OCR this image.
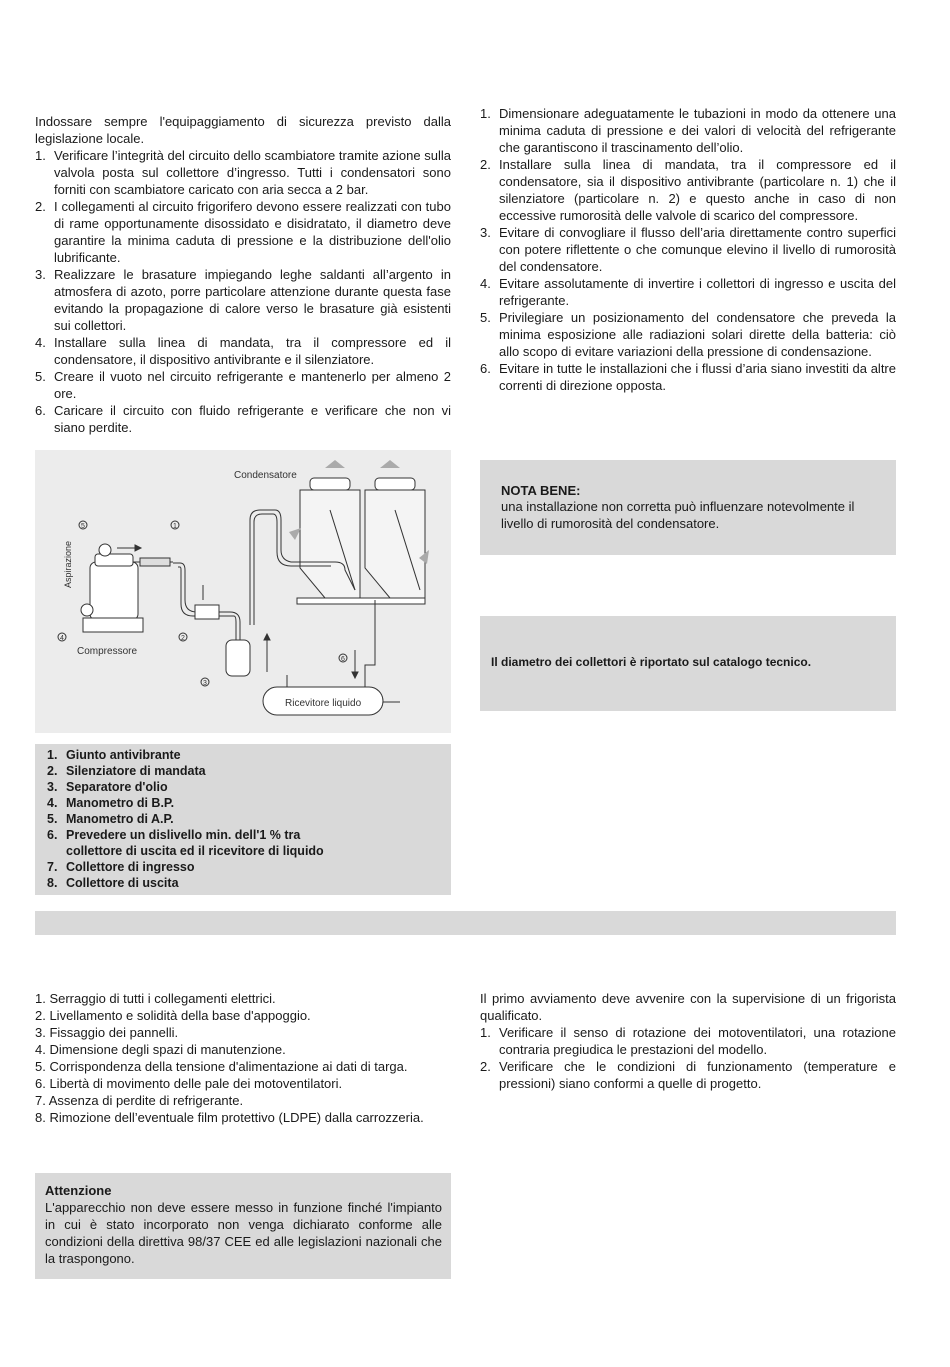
Indossare sempre l'equipaggiamento di sicurezza previsto dalla legislazione locale.
1. Verificare l’integrità del circuito dello scambiatore tramite azione sulla valvola posta sul collettore d’ingresso. Tutti i condensatori sono forniti con scambiatore caricato con aria secca a 2 bar.
2. I collegamenti al circuito frigorifero devono essere realizzati con tubo di rame opportunamente disossidato e disidratato, il diametro deve garantire la minima caduta di pressione e la distribuzione dell'olio lubrificante.
3. Realizzare le brasature impiegando leghe saldanti all’argento in atmosfera di azoto, porre particolare attenzione durante questa fase evitando la propagazione di calore verso le brasature già esistenti sui collettori.
4. Installare sulla linea di mandata, tra il compressore ed il condensatore, il dispositivo antivibrante e il silenziatore.
5. Creare il vuoto nel circuito refrigerante e mantenerlo per almeno 2 ore.
6. Caricare il circuito con fluido refrigerante e verificare che non vi siano perdite.
1. Dimensionare adeguatamente le tubazioni in modo da ottenere una minima caduta di pressione e dei valori di velocità del refrigerante che garantiscono il trascinamento dell’olio.
2. Installare sulla linea di mandata, tra il compressore ed il condensatore, sia il dispositivo antivibrante (particolare n. 1) che il silenziatore (particolare n. 2) e questo anche in caso di non eccessive rumorosità delle valvole di scarico del compressore.
3. Evitare di convogliare il flusso dell’aria direttamente contro superfici con potere riflettente o che comunque elevino il livello di rumorosità del condensatore.
4. Evitare assolutamente di invertire i collettori di ingresso e uscita del refrigerante.
5. Privilegiare un posizionamento del condensatore che preveda la minima esposizione alle radiazioni solari dirette della batteria: ciò allo scopo di evitare variazioni della pressione di condensazione.
6. Evitare in tutte le installazioni che i flussi d’aria siano investiti da altre correnti di direzione opposta.
1
2
3
4
5
6
Condensatore
Compressore
Ricevitore liquido
Aspirazione
1. Giunto antivibrante
2. Silenziatore di mandata
3. Separatore d'olio
4. Manometro di B.P.
5. Manometro di A.P.
6. Prevedere un dislivello min. dell'1 % tra collettore di uscita ed il ricevitore di liquido
7. Collettore di ingresso
8. Collettore di uscita
NOTA BENE:
una installazione non corretta può influenzare notevolmente il livello di rumorosità del condensatore.
Il diametro dei collettori è riportato sul catalogo tecnico.
1. Serraggio di tutti i collegamenti elettrici.
2. Livellamento e solidità della base d'appoggio.
3. Fissaggio dei pannelli.
4. Dimensione degli spazi di manutenzione.
5. Corrispondenza della tensione d'alimentazione ai dati di targa.
6. Libertà di movimento delle pale dei motoventilatori.
7. Assenza di perdite di refrigerante.
8. Rimozione dell’eventuale film protettivo (LDPE) dalla carrozzeria.
Il primo avviamento deve avvenire con la supervisione di un frigorista qualificato.
1. Verificare il senso di rotazione dei motoventilatori, una rotazione contraria pregiudica le prestazioni del modello.
2. Verificare che le condizioni di funzionamento (temperature e pressioni) siano conformi a quelle di progetto.
Attenzione
L'apparecchio non deve essere messo in funzione finché l'impianto in cui è stato incorporato non venga dichiarato conforme alle condizioni della direttiva 98/37 CEE ed alle legislazioni nazionali che la traspongono.
